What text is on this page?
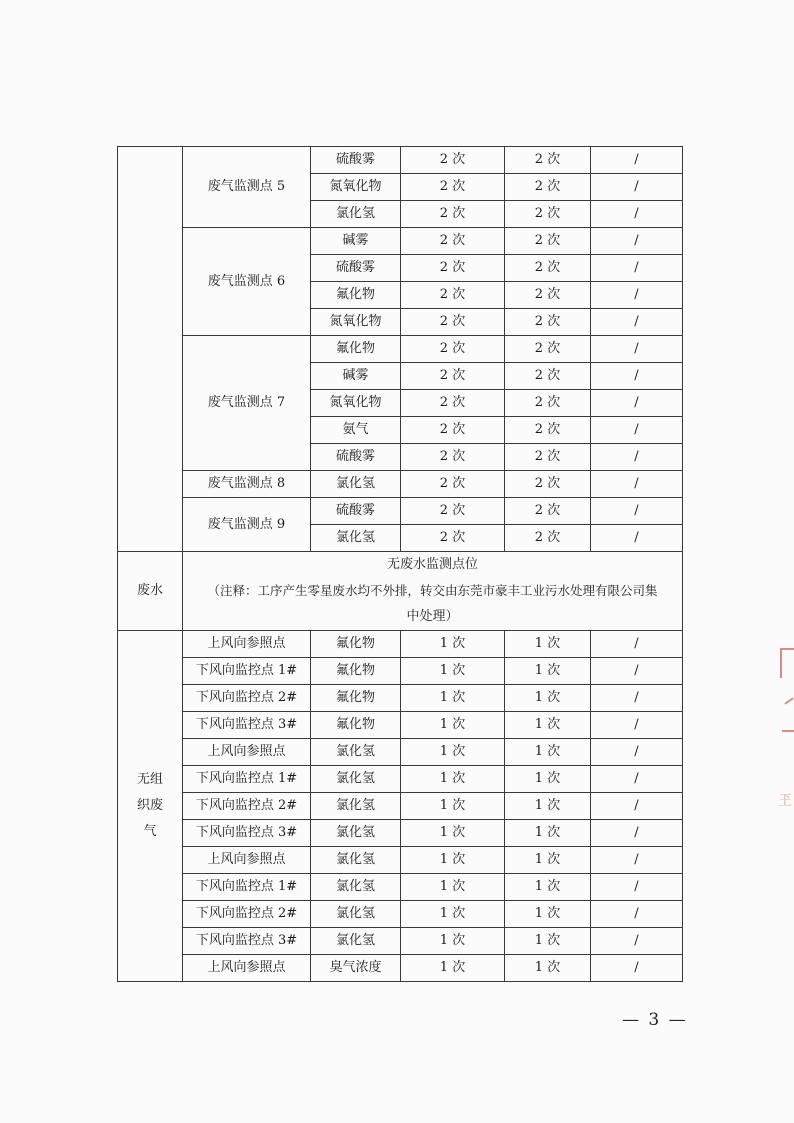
	废气监测点 5	硫酸雾	2 次	2 次	/
		氮氧化物	2 次	2 次	/
		氯化氢	2 次	2 次	/
	废气监测点 6	碱雾	2 次	2 次	/
		硫酸雾	2 次	2 次	/
		氟化物	2 次	2 次	/
		氮氧化物	2 次	2 次	/
	废气监测点 7	氟化物	2 次	2 次	/
		碱雾	2 次	2 次	/
		氮氧化物	2 次	2 次	/
		氨气	2 次	2 次	/
		硫酸雾	2 次	2 次	/
	废气监测点 8	氯化氢	2 次	2 次	/
	废气监测点 9	硫酸雾	2 次	2 次	/
		氯化氢	2 次	2 次	/
废水	无废水监测点位
（注释：工序产生零星废水均不外排，转交由东莞市豪丰工业污水处理有限公司集
中处理）				

无组织废气	上风向参照点	氟化物	1 次	1 次	/
	下风向监控点 1#	氟化物	1 次	1 次	/
	下风向监控点 2#	氟化物	1 次	1 次	/
	下风向监控点 3#	氟化物	1 次	1 次	/
	上风向参照点	氯化氢	1 次	1 次	/
	下风向监控点 1#	氯化氢	1 次	1 次	/
	下风向监控点 2#	氯化氢	1 次	1 次	/
	下风向监控点 3#	氯化氢	1 次	1 次	/
	上风向参照点	氯化氢	1 次	1 次	/
	下风向监控点 1#	氯化氢	1 次	1 次	/
	下风向监控点 2#	氯化氢	1 次	1 次	/
	下风向监控点 3#	氯化氢	1 次	1 次	/
	上风向参照点	臭气浓度	1 次	1 次	/
玊
— 3 —
